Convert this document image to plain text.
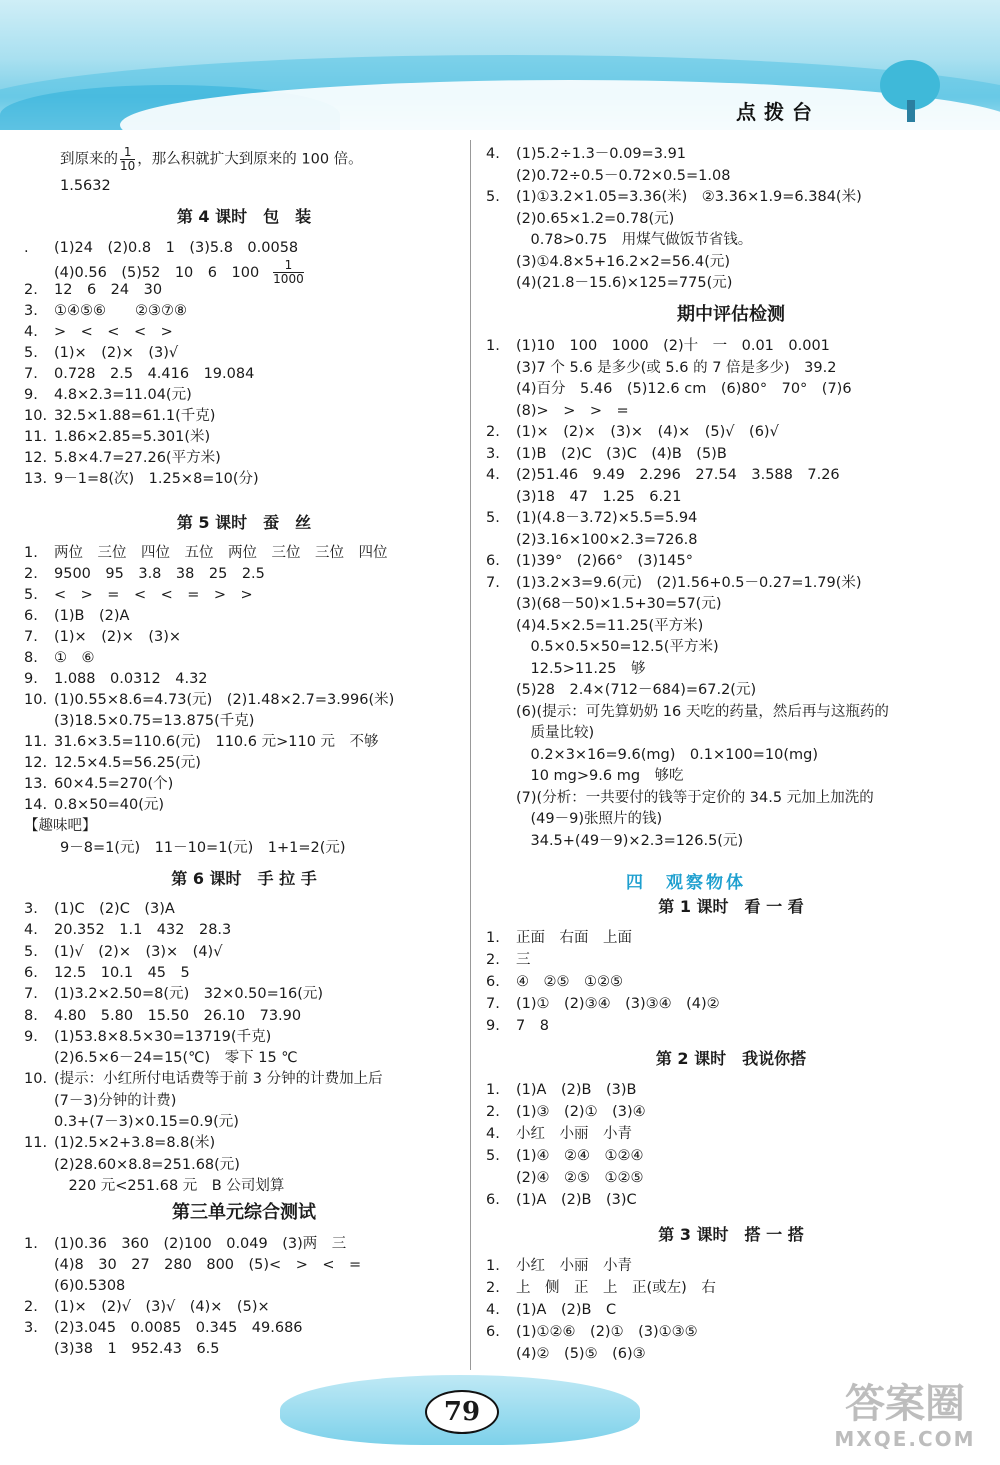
点拨台
到原来的 $\frac{1}{10}$ ，那么积就扩大到原来的 100 倍。
1.5632
第 4 课时　包　装
. (1)24　(2)0.8　1　(3)5.8　0.0058
(4)0.56　(5)52　10　6　$100 \frac{1}{1000}$
2. 12　6　24　30
3. ①④⑤⑥　　②③⑦⑧
4. >　<　<　<　>
5. (1)×　(2)×　(3)√
7. 0.728　2.5　4.416　19.084
9. 4.8×2.3=11.04(元)
10. 32.5×1.88=61.1(千克)
11. 1.86×2.85=5.301(米)
12. 5.8×4.7=27.26(平方米)
13. 9－1=8(次)　1.25×8=10(分)
第 5 课时　蚕　丝
1. 两位　三位　四位　五位　两位　三位　三位　四位
2. 9500　95　3.8　38　25　2.5
5. <　>　=　<　<　=　>　>
6. (1)B　(2)A
7. (1)×　(2)×　(3)×
8. ①　⑥
9. 1.088　0.0312　4.32
10. (1)0.55×8.6=4.73(元)　(2)1.48×2.7=3.996(米)
(3)18.5×0.75=13.875(千克)
11. 31.6×3.5=110.6(元)　110.6 元>110 元　不够
12. 12.5×4.5=56.25(元)
13. 60×4.5=270(个)
14. 0.8×50=40(元)
【趣味吧】
9－8=1(元)　11－10=1(元)　1+1=2(元)
第 6 课时　手 拉 手
3. (1)C　(2)C　(3)A
4. 20.352　1.1　432　28.3
5. (1)√　(2)×　(3)×　(4)√
6. 12.5　10.1　45　5
7. (1)3.2×2.50=8(元)　32×0.50=16(元)
8. 4.80　5.80　15.50　26.10　73.90
9. (1)53.8×8.5×30=13719(千克)
(2)6.5×6－24=15(℃)　零下 15 ℃
10. (提示：小红所付电话费等于前 3 分钟的计费加上后
(7－3)分钟的计费)
0.3+(7－3)×0.15=0.9(元)
11. (1)2.5×2+3.8=8.8(米)
(2)28.60×8.8=251.68(元)
　220 元<251.68 元　B 公司划算
第三单元综合测试
1. (1)0.36　360　(2)100　0.049　(3)两　三
(4)8　30　27　280　800　(5)<　>　<　=
(6)0.5308
2. (1)×　(2)√　(3)√　(4)×　(5)×
3. (2)3.045　0.0085　0.345　49.686
(3)38　1　952.43　6.5
4. (1)5.2÷1.3－0.09=3.91
(2)0.72÷0.5－0.72×0.5=1.08
5. (1)①3.2×1.05=3.36(米)　②3.36×1.9=6.384(米)
(2)0.65×1.2=0.78(元)
　0.78>0.75　用煤气做饭节省钱。
(3)①4.8×5+16.2×2=56.4(元)
(4)(21.8－15.6)×125=775(元)
期中评估检测
1. (1)10　100　1000　(2)十　一　0.01　0.001
(3)7 个 5.6 是多少(或 5.6 的 7 倍是多少)　39.2
(4)百分　5.46　(5)12.6 cm　(6)80°　70°　(7)6
(8)>　>　>　=
2. (1)×　(2)×　(3)×　(4)×　(5)√　(6)√
3. (1)B　(2)C　(3)C　(4)B　(5)B
4. (2)51.46　9.49　2.296　27.54　3.588　7.26
(3)18　47　1.25　6.21
5. (1)(4.8－3.72)×5.5=5.94
(2)3.16×100×2.3=726.8
6. (1)39°　(2)66°　(3)145°
7. (1)3.2×3=9.6(元)　(2)1.56+0.5－0.27=1.79(米)
(3)(68－50)×1.5+30=57(元)
(4)4.5×2.5=11.25(平方米)
　0.5×0.5×50=12.5(平方米)
　12.5>11.25　够
(5)28　2.4×(712－684)=67.2(元)
(6)(提示：可先算奶奶 16 天吃的药量，然后再与这瓶药的
　质量比较)
　0.2×3×16=9.6(mg)　0.1×100=10(mg)
　10 mg>9.6 mg　够吃
(7)(分析：一共要付的钱等于定价的 34.5 元加上加洗的
　(49－9)张照片的钱)
　34.5+(49－9)×2.3=126.5(元)
四　 观察物体
第 1 课时　看 一 看
1. 正面　右面　上面
2. 三
6. ④　②⑤　①②⑤
7. (1)①　(2)③④　(3)③④　(4)②
9. 7　8
第 2 课时　我说你搭
1. (1)A　(2)B　(3)B
2. (1)③　(2)①　(3)④
4. 小红　小丽　小青
5. (1)④　②④　①②④
(2)④　②⑤　①②⑤
6. (1)A　(2)B　(3)C
第 3 课时　搭 一 搭
1. 小红　小丽　小青
2. 上　侧　正　上　正(或左)　右
4. (1)A　(2)B　C
6. (1)①②⑥　(2)①　(3)①③⑤
(4)②　(5)⑤　(6)③
79	答案圈
MXQE.COM
